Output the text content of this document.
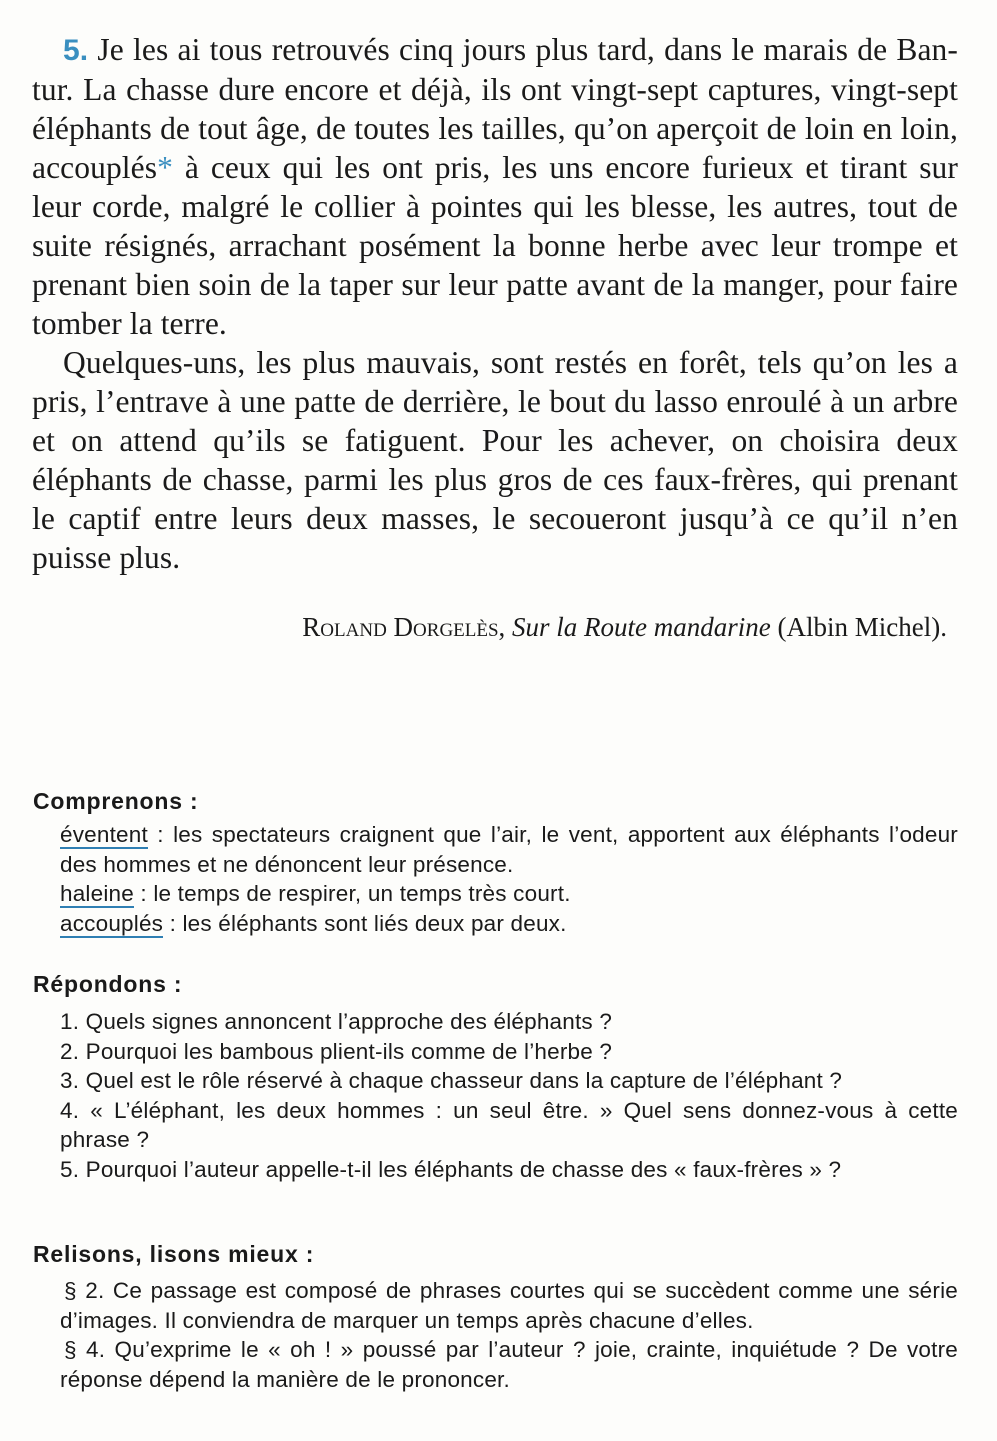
5. Je les ai tous retrouvés cinq jours plus tard, dans le marais de Ban-tur. La chasse dure encore et déjà, ils ont vingt-sept captures, vingt-sept éléphants de tout âge, de toutes les tailles, qu’on aperçoit de loin en loin, accouplés* à ceux qui les ont pris, les uns encore furieux et tirant sur leur corde, malgré le collier à pointes qui les blesse, les autres, tout de suite résignés, arrachant posément la bonne herbe avec leur trompe et prenant bien soin de la taper sur leur patte avant de la manger, pour faire tomber la terre.

Quelques-uns, les plus mauvais, sont restés en forêt, tels qu’on les a pris, l’entrave à une patte de derrière, le bout du lasso enroulé à un arbre et on attend qu’ils se fatiguent. Pour les achever, on choisira deux éléphants de chasse, parmi les plus gros de ces faux-frères, qui prenant le captif entre leurs deux masses, le secoueront jusqu’à ce qu’il n’en puisse plus.

Roland Dorgelès, Sur la Route mandarine (Albin Michel).
Comprenons :

éventent : les spectateurs craignent que l’air, le vent, apportent aux éléphants l’odeur des hommes et ne dénoncent leur présence.

haleine : le temps de respirer, un temps très court.

accouplés : les éléphants sont liés deux par deux.

Répondons :

1. Quels signes annoncent l’approche des éléphants ?

2. Pourquoi les bambous plient-ils comme de l’herbe ?

3. Quel est le rôle réservé à chaque chasseur dans la capture de l’éléphant ?

4. « L’éléphant, les deux hommes : un seul être. » Quel sens donnez-vous à cette phrase ?

5. Pourquoi l’auteur appelle-t-il les éléphants de chasse des « faux-frères » ?

Relisons, lisons mieux :

§ 2. Ce passage est composé de phrases courtes qui se succèdent comme une série d’images. Il conviendra de marquer un temps après chacune d’elles.

§ 4. Qu’exprime le « oh ! » poussé par l’auteur ? joie, crainte, inquiétude ? De votre réponse dépend la manière de le prononcer.
